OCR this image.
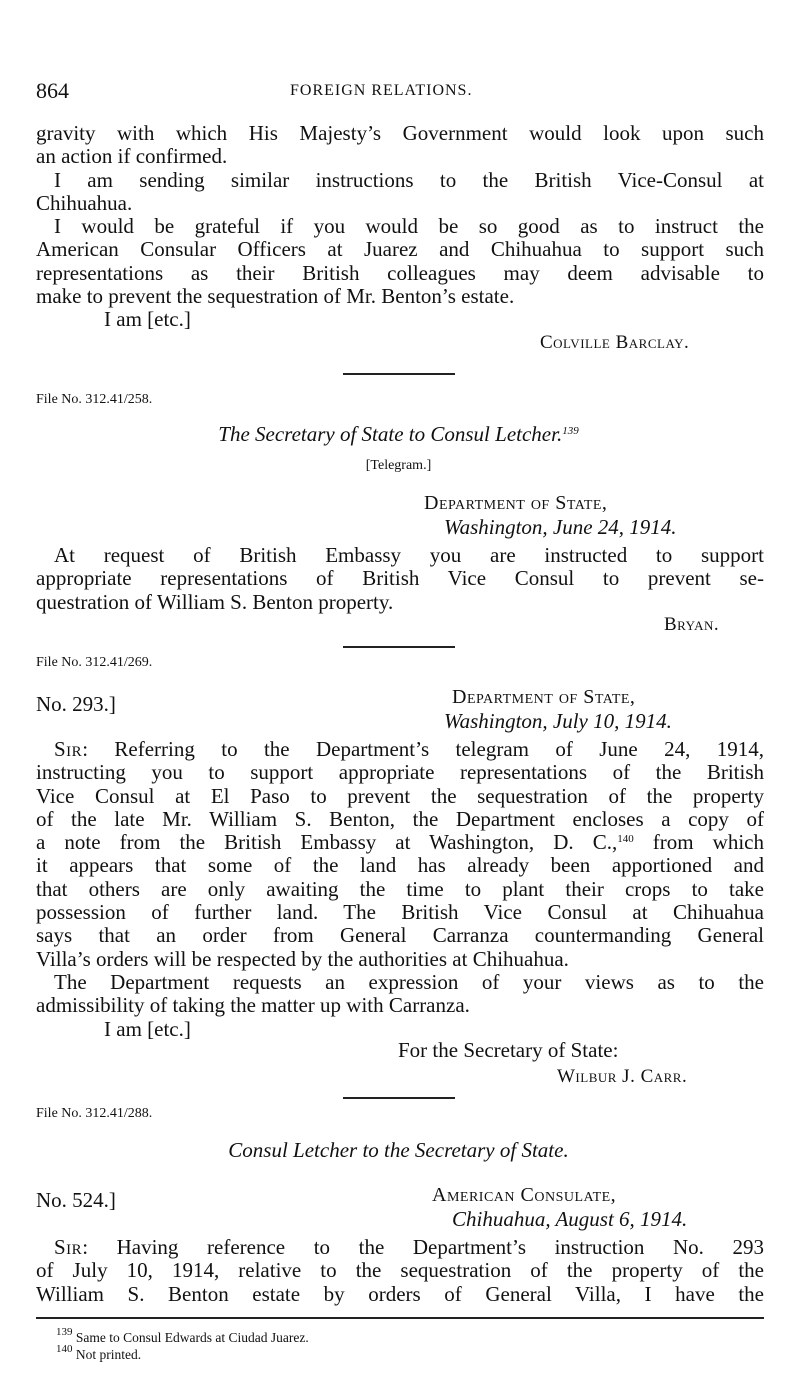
864	FOREIGN RELATIONS.
gravity with which His Majesty’s Government would look upon such
an action if confirmed.
I am sending similar instructions to the British Vice-Consul at
Chihuahua.
I would be grateful if you would be so good as to instruct the
American Consular Officers at Juarez and Chihuahua to support such
representations as their British colleagues may deem advisable to
make to prevent the sequestration of Mr. Benton’s estate.
I am [etc.]
Colville Barclay.
File No. 312.41/258.
The Secretary of State to Consul Letcher.$^{139}$
[Telegram.]
Department of State,
Washington, June 24, 1914.
At request of British Embassy you are instructed to support
appropriate representations of British Vice Consul to prevent se-
questration of William S. Benton property.
Bryan.
File No. 312.41/269.
No. 293.]	Department of State,
Washington, July 10, 1914.
Sir: Referring to the Department’s telegram of June 24, 1914,
instructing you to support appropriate representations of the British
Vice Consul at El Paso to prevent the sequestration of the property
of the late Mr. William S. Benton, the Department encloses a copy of
a note from the British Embassy at Washington, D. C.,$^{140}$ from which
it appears that some of the land has already been apportioned and
that others are only awaiting the time to plant their crops to take
possession of further land. The British Vice Consul at Chihuahua
says that an order from General Carranza countermanding General
Villa’s orders will be respected by the authorities at Chihuahua.
The Department requests an expression of your views as to the
admissibility of taking the matter up with Carranza.
I am [etc.]
For the Secretary of State:
Wilbur J. Carr.
File No. 312.41/288.
Consul Letcher to the Secretary of State.
No. 524.]	American Consulate,
Chihuahua, August 6, 1914.
Sir: Having reference to the Department’s instruction No. 293
of July 10, 1914, relative to the sequestration of the property of the
William S. Benton estate by orders of General Villa, I have the
$^{139}$ Same to Consul Edwards at Ciudad Juarez.
$^{140}$ Not printed.
